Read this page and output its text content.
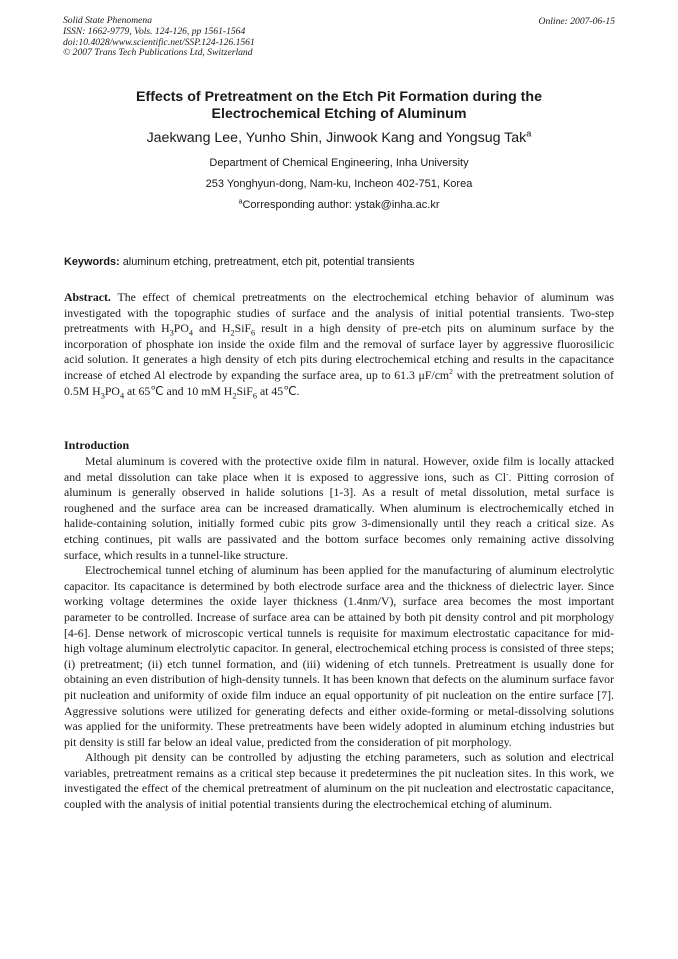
Solid State Phenomena
ISSN: 1662-9779, Vols. 124-126, pp 1561-1564
doi:10.4028/www.scientific.net/SSP.124-126.1561
© 2007 Trans Tech Publications Ltd, Switzerland
Online: 2007-06-15
Effects of Pretreatment on the Etch Pit Formation during the
Electrochemical Etching of Aluminum
Jaekwang Lee, Yunho Shin, Jinwook Kang and Yongsug Tak$^a$
Department of Chemical Engineering, Inha University
253 Yonghyun-dong, Nam-ku, Incheon 402-751, Korea
$^a$Corresponding author: ystak@inha.ac.kr
Keywords: aluminum etching, pretreatment, etch pit, potential transients

Abstract. The effect of chemical pretreatments on the electrochemical etching behavior of aluminum was investigated with the topographic studies of surface and the analysis of initial potential transients. Two-step pretreatments with $H_3PO_4$ and $H_2SiF_6$ result in a high density of pre-etch pits on aluminum surface by the incorporation of phosphate ion inside the oxide film and the removal of surface layer by aggressive fluorosilicic acid solution. It generates a high density of etch pits during electrochemical etching and results in the capacitance increase of etched Al electrode by expanding the surface area, up to 61.3 $\mu F/cm^2$ with the pretreatment solution of 0.5M $H_3PO_4$ at 65℃ and 10 mM $H_2SiF_6$ at 45℃.

Introduction

Metal aluminum is covered with the protective oxide film in natural. However, oxide film is locally attacked and metal dissolution can take place when it is exposed to aggressive ions, such as Cl-. Pitting corrosion of aluminum is generally observed in halide solutions [1-3]. As a result of metal dissolution, metal surface is roughened and the surface area can be increased dramatically. When aluminum is electrochemically etched in halide-containing solution, initially formed cubic pits grow 3-dimensionally until they reach a critical size. As etching continues, pit walls are passivated and the bottom surface becomes only remaining active dissolving surface, which results in a tunnel-like structure.

Electrochemical tunnel etching of aluminum has been applied for the manufacturing of aluminum electrolytic capacitor. Its capacitance is determined by both electrode surface area and the thickness of dielectric layer. Since working voltage determines the oxide layer thickness (1.4nm/V), surface area becomes the most important parameter to be controlled. Increase of surface area can be attained by both pit density control and pit morphology [4-6]. Dense network of microscopic vertical tunnels is requisite for maximum electrostatic capacitance for mid-high voltage aluminum electrolytic capacitor. In general, electrochemical etching process is consisted of three steps; (i) pretreatment; (ii) etch tunnel formation, and (iii) widening of etch tunnels. Pretreatment is usually done for obtaining an even distribution of high-density tunnels. It has been known that defects on the aluminum surface favor pit nucleation and uniformity of oxide film induce an equal opportunity of pit nucleation on the entire surface [7]. Aggressive solutions were utilized for generating defects and either oxide-forming or metal-dissolving solutions was applied for the uniformity. These pretreatments have been widely adopted in aluminum etching industries but pit density is still far below an ideal value, predicted from the consideration of pit morphology.

Although pit density can be controlled by adjusting the etching parameters, such as solution and electrical variables, pretreatment remains as a critical step because it predetermines the pit nucleation sites. In this work, we investigated the effect of the chemical pretreatment of aluminum on the pit nucleation and electrostatic capacitance, coupled with the analysis of initial potential transients during the electrochemical etching of aluminum.
